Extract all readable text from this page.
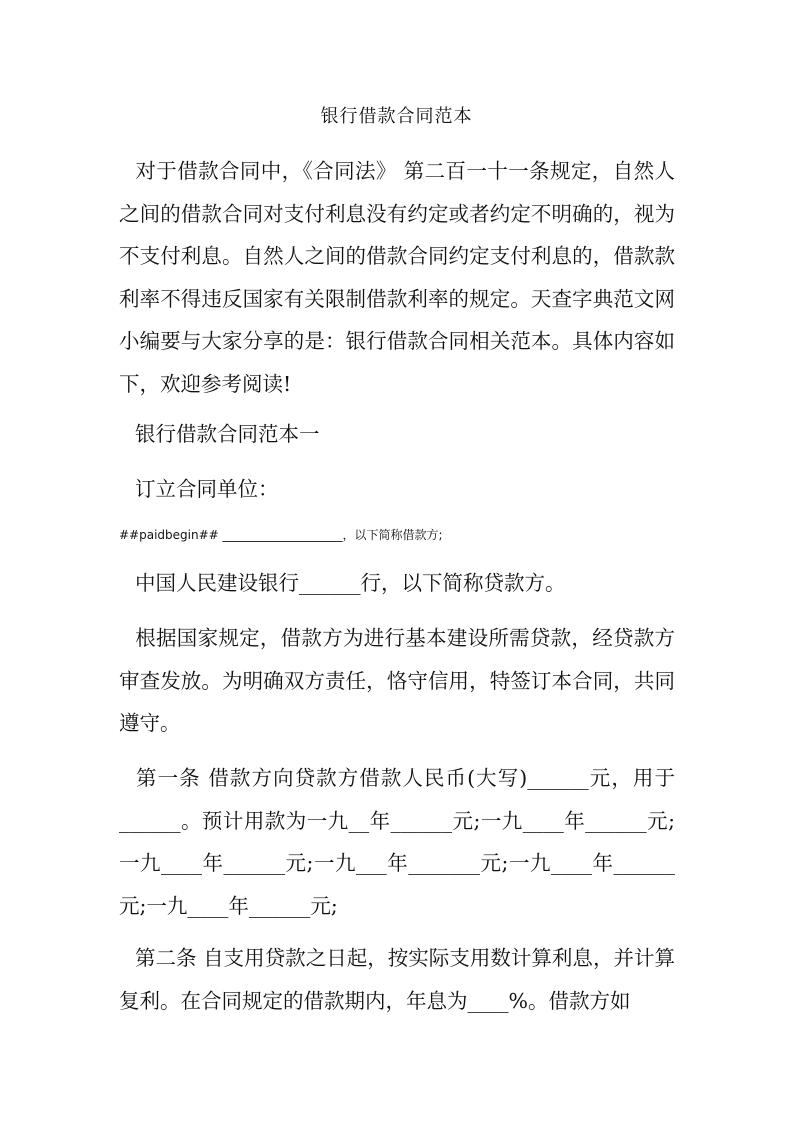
银行借款合同范本

对于借款合同中，《合同法》 第二百一十一条规定，自然人之间的借款合同对支付利息没有约定或者约定不明确的，视为不支付利息。自然人之间的借款合同约定支付利息的，借款款利率不得违反国家有关限制借款利率的规定。天查字典范文网小编要与大家分享的是：银行借款合同相关范本。具体内容如下，欢迎参考阅读!

银行借款合同范本一

订立合同单位：

##paidbegin## ____________________，以下简称借款方;

中国人民建设银行______行，以下简称贷款方。

根据国家规定，借款方为进行基本建设所需贷款，经贷款方审查发放。为明确双方责任，恪守信用，特签订本合同，共同遵守。

第一条 借款方向贷款方借款人民币(大写)______元，用于______。预计用款为一九__年______元;一九____年______元;一九____年______元;一九___年_______元;一九____年______元;一九____年______元;

第二条 自支用贷款之日起，按实际支用数计算利息，并计算复利。在合同规定的借款期内，年息为____%。借款方如
